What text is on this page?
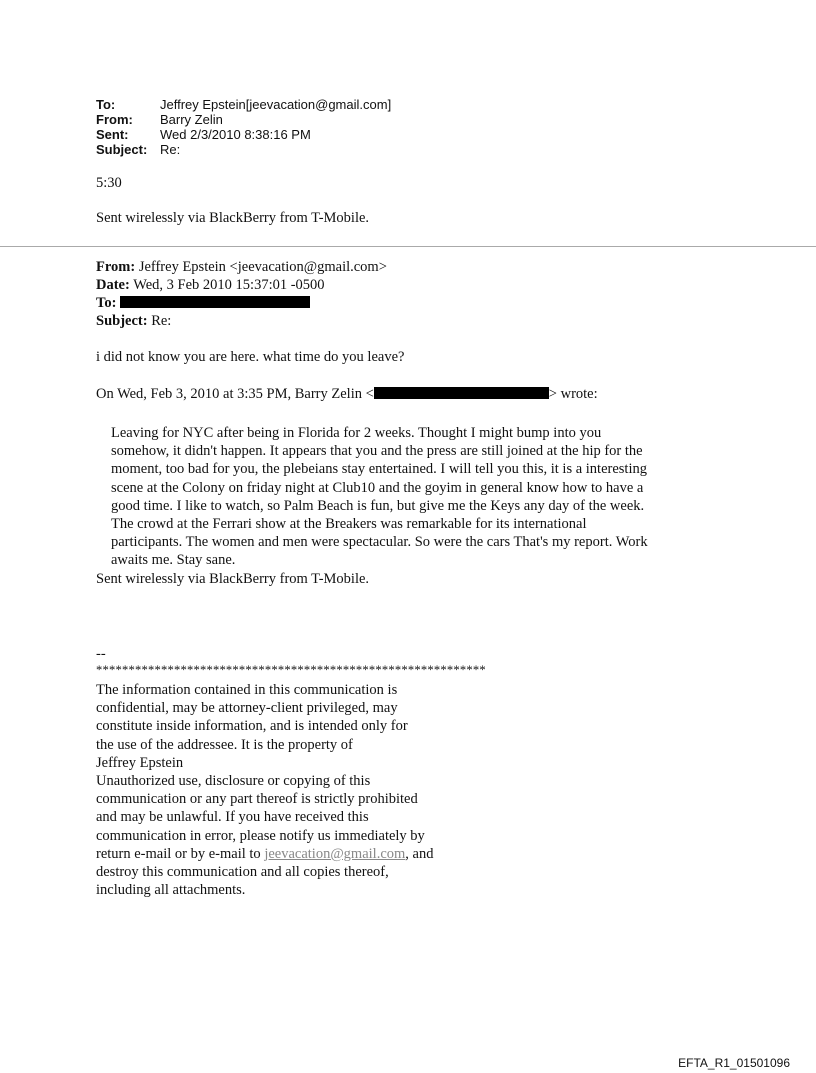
To:	Jeffrey Epstein[jeevacation@gmail.com]
From:	Barry Zelin
Sent:	Wed 2/3/2010 8:38:16 PM
Subject: Re:
5:30
Sent wirelessly via BlackBerry from T-Mobile.
From: Jeffrey Epstein <jeevacation@gmail.com>
Date: Wed, 3 Feb 2010 15:37:01 -0500
To:
Subject: Re:
i did not know you are here. what time do you leave?
On Wed, Feb 3, 2010 at 3:35 PM, Barry Zelin <	> wrote:
Leaving for NYC after being in Florida for 2 weeks. Thought I might bump into you
somehow, it didn't happen. It appears that you and the press are still joined at the hip for the
moment, too bad for you, the plebeians stay entertained. I will tell you this, it is a interesting
scene at the Colony on friday night at Club10 and the goyim in general know how to have a
good time. I like to watch, so Palm Beach is fun, but give me the Keys any day of the week.
The crowd at the Ferrari show at the Breakers was remarkable for its international
participants. The women and men were spectacular. So were the cars That's my report. Work
awaits me. Stay sane.
Sent wirelessly via BlackBerry from T-Mobile.
--
************************************************************
The information contained in this communication is
confidential, may be attorney-client privileged, may
constitute inside information, and is intended only for
the use of the addressee. It is the property of
Jeffrey Epstein
Unauthorized use, disclosure or copying of this
communication or any part thereof is strictly prohibited
and may be unlawful. If you have received this
communication in error, please notify us immediately by
return e-mail or by e-mail to jeevacation@gmail.com, and
destroy this communication and all copies thereof,
including all attachments.
EFTA_R1_01501096
